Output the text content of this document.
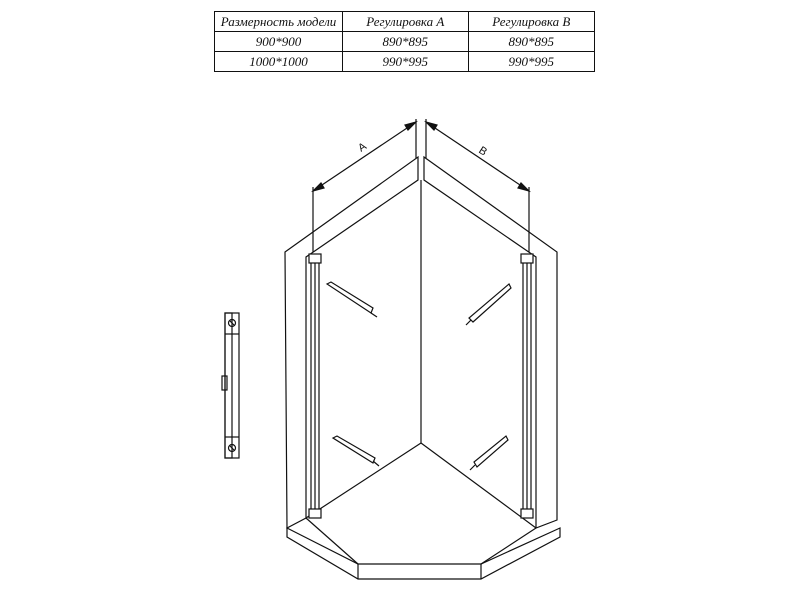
Размерность модели	Регулировка A	Регулировка B
900*900	890*895	890*895
1000*1000	990*995	990*995
A	B
